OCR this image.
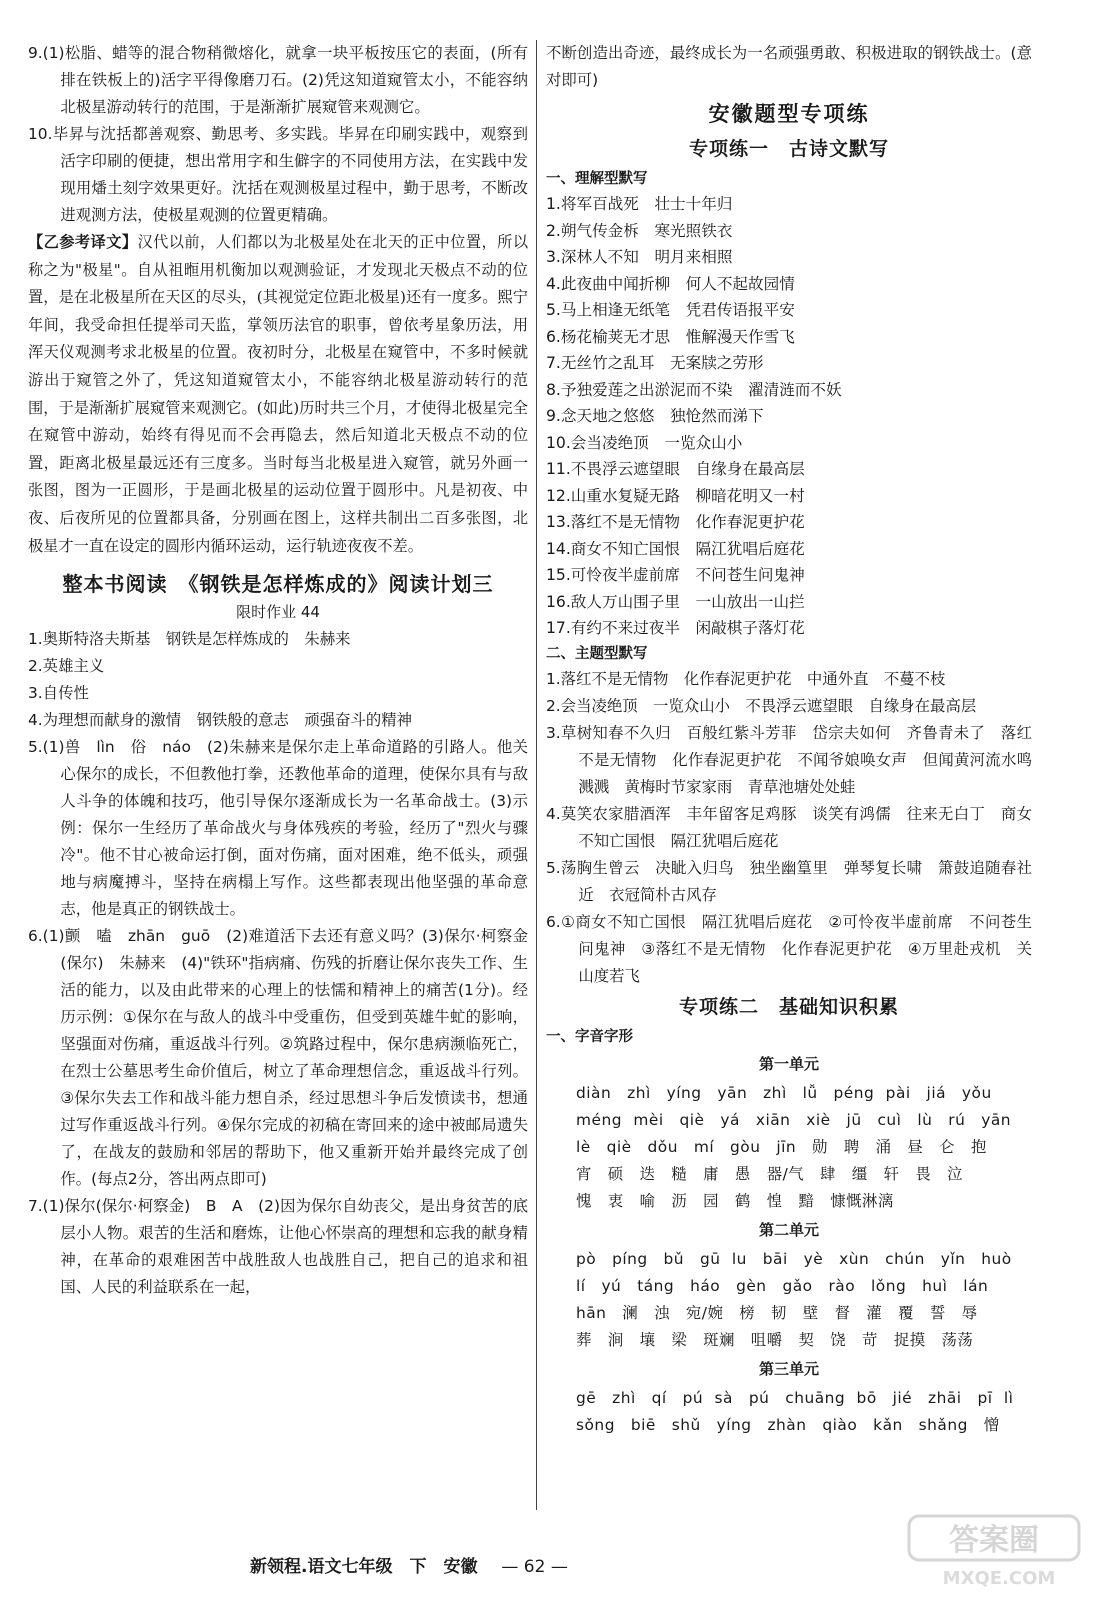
9.(1)松脂、蜡等的混合物稍微熔化，就拿一块平板按压它的表面，(所有排在铁板上的)活字平得像磨刀石。(2)凭这知道窥管太小，不能容纳北极星游动转行的范围，于是渐渐扩展窥管来观测它。

10.毕昇与沈括都善观察、勤思考、多实践。毕昇在印刷实践中，观察到活字印刷的便捷，想出常用字和生僻字的不同使用方法，在实践中发现用燔土刻字效果更好。沈括在观测极星过程中，勤于思考，不断改进观测方法，使极星观测的位置更精确。

【乙参考译文】汉代以前，人们都以为北极星处在北天的正中位置，所以称之为"极星"。自从祖暅用机衡加以观测验证，才发现北天极点不动的位置，是在北极星所在天区的尽头，(其视觉定位距北极星)还有一度多。熙宁年间，我受命担任提举司天监，掌领历法官的职事，曾依考星象历法，用浑天仪观测考求北极星的位置。夜初时分，北极星在窥管中，不多时候就游出于窥管之外了，凭这知道窥管太小，不能容纳北极星游动转行的范围，于是渐渐扩展窥管来观测它。(如此)历时共三个月，才使得北极星完全在窥管中游动，始终有得见而不会再隐去，然后知道北天极点不动的位置，距离北极星最远还有三度多。当时每当北极星进入窥管，就另外画一张图，图为一正圆形，于是画北极星的运动位置于圆形中。凡是初夜、中夜、后夜所见的位置都具备，分别画在图上，这样共制出二百多张图，北极星才一直在设定的圆形内循环运动，运行轨迹夜夜不差。

整本书阅读　《钢铁是怎样炼成的》阅读计划三
限时作业 44

1.奥斯特洛夫斯基　钢铁是怎样炼成的　朱赫来

2.英雄主义

3.自传性

4.为理想而献身的激情　钢铁般的意志　顽强奋斗的精神

5.(1)兽　lìn　俗　náo　(2)朱赫来是保尔走上革命道路的引路人。他关心保尔的成长，不但教他打拳，还教他革命的道理，使保尔具有与敌人斗争的体魄和技巧，他引导保尔逐渐成长为一名革命战士。(3)示例：保尔一生经历了革命战火与身体残疾的考验，经历了"烈火与骤冷"。他不甘心被命运打倒，面对伤痛，面对困难，绝不低头，顽强地与病魔搏斗，坚持在病榻上写作。这些都表现出他坚强的革命意志，他是真正的钢铁战士。

6.(1)颤　嗑　zhān　guō　(2)难道活下去还有意义吗？(3)保尔·柯察金(保尔)　朱赫来　(4)"铁环"指病痛、伤残的折磨让保尔丧失工作、生活的能力，以及由此带来的心理上的怯懦和精神上的痛苦(1分)。经历示例：①保尔在与敌人的战斗中受重伤，但受到英雄牛虻的影响，坚强面对伤痛，重返战斗行列。②筑路过程中，保尔患病濒临死亡，在烈士公墓思考生命价值后，树立了革命理想信念，重返战斗行列。③保尔失去工作和战斗能力想自杀，经过思想斗争后发愤读书，想通过写作重返战斗行列。④保尔完成的初稿在寄回来的途中被邮局遗失了，在战友的鼓励和邻居的帮助下，他又重新开始并最终完成了创作。(每点2分，答出两点即可)

7.(1)保尔(保尔·柯察金)　B　A　(2)因为保尔自幼丧父，是出身贫苦的底层小人物。艰苦的生活和磨炼，让他心怀崇高的理想和忘我的献身精神，在革命的艰难困苦中战胜敌人也战胜自己，把自己的追求和祖国、人民的利益联系在一起，

不断创造出奇迹，最终成长为一名顽强勇敢、积极进取的钢铁战士。(意对即可)

安徽题型专项练
专项练一　古诗文默写
一、理解型默写

1.将军百战死　壮士十年归

2.朔气传金柝　寒光照铁衣

3.深林人不知　明月来相照

4.此夜曲中闻折柳　何人不起故园情

5.马上相逢无纸笔　凭君传语报平安

6.杨花榆荚无才思　惟解漫天作雪飞

7.无丝竹之乱耳　无案牍之劳形

8.予独爱莲之出淤泥而不染　濯清涟而不妖

9.念天地之悠悠　独怆然而涕下

10.会当凌绝顶　一览众山小

11.不畏浮云遮望眼　自缘身在最高层

12.山重水复疑无路　柳暗花明又一村

13.落红不是无情物　化作春泥更护花

14.商女不知亡国恨　隔江犹唱后庭花

15.可怜夜半虚前席　不问苍生问鬼神

16.敌人万山围子里　一山放出一山拦

17.有约不来过夜半　闲敲棋子落灯花

二、主题型默写

1.落红不是无情物　化作春泥更护花　中通外直　不蔓不枝

2.会当凌绝顶　一览众山小　不畏浮云遮望眼　自缘身在最高层

3.草树知春不久归　百般红紫斗芳菲　岱宗夫如何　齐鲁青未了　落红不是无情物　化作春泥更护花　不闻爷娘唤女声　但闻黄河流水鸣溅溅　黄梅时节家家雨　青草池塘处处蛙

4.莫笑农家腊酒浑　丰年留客足鸡豚　谈笑有鸿儒　往来无白丁　商女不知亡国恨　隔江犹唱后庭花

5.荡胸生曾云　决眦入归鸟　独坐幽篁里　弹琴复长啸　箫鼓追随春社近　衣冠简朴古风存

6.①商女不知亡国恨　隔江犹唱后庭花　②可怜夜半虚前席　不问苍生问鬼神　③落红不是无情物　化作春泥更护花　④万里赴戎机　关山度若飞

专项练二　基础知识积累
一、字音字形
第一单元

diàn　zhì　yíng　yān　zhì　lǚ　péng pài　jiá　yǒu

méng mèi　qiè　yá　xiān　xiè　jū　cuì　lù　rú　yān

lè　qiè　dǒu　mí　gòu　jīn　勋　聘　涌　昼　仑　抱

宵　硕　迭　糙　庸　愚　器/气　肆　缰　轩　畏　泣

愧　衷　喻　沥　园　鹤　惶　黯　慷慨淋漓

第二单元

pò　píng　bǔ　gū lu　bāi　yè　xùn　chún　yǐn　huò

lí　yú　táng　háo　gèn　gǎo　rào　lǒng　huì　lán

hān　澜　浊　宛/婉　榜　韧　壁　督　灌　覆　誓　辱

葬　涧　壤　梁　斑斓　咀嚼　契　饶　苛　捉摸　荡荡

第三单元

gē　zhì　qí　pú sà　pú　chuāng bō　jié　zhāi　pī lì

sǒng　biē　shǔ　yíng　zhàn　qiào　kǎn　shǎng　憎

新领程.语文七年级　下　安徽 — 62 —
答案圈
MXQE.COM
